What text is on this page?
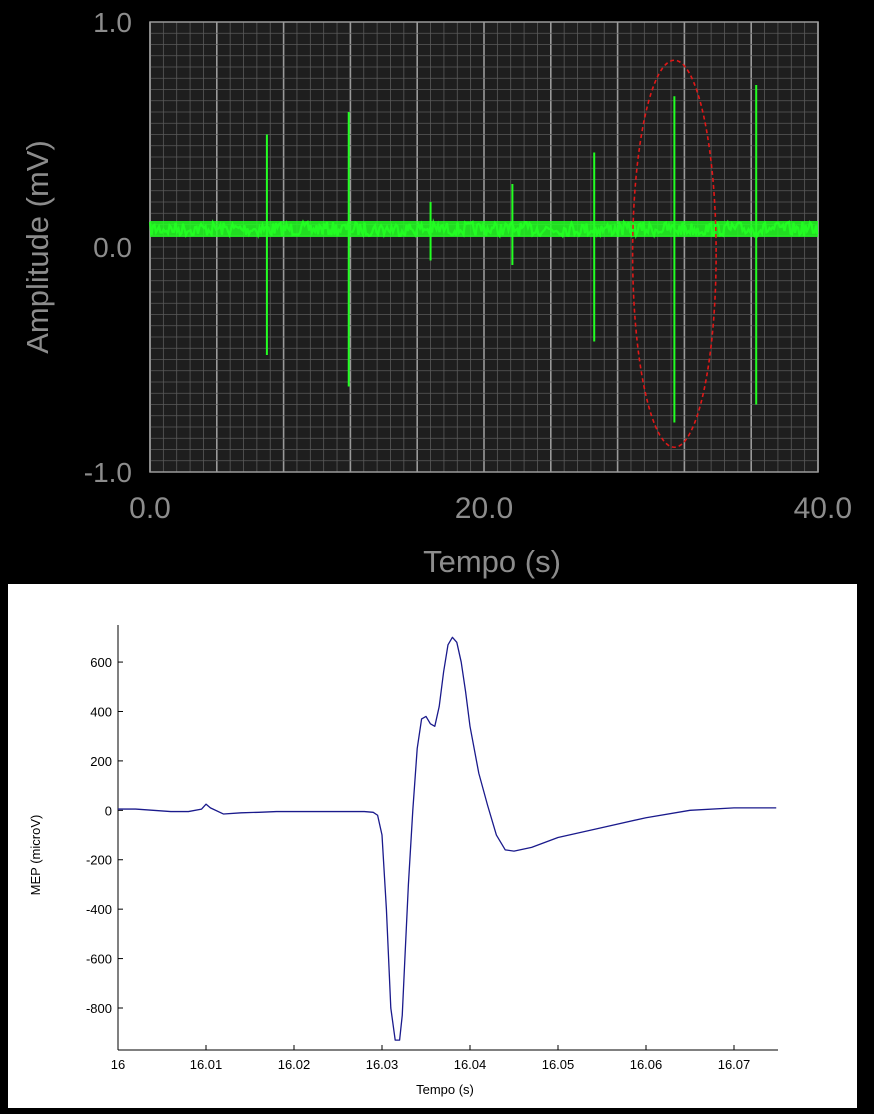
1.0
0.0
-1.0
0.0	20.0	40.0
Tempo (s)
Amplitude (mV)
600
400
200
0
-200
-400
-600
-800
16	16.01	16.02	16.03	16.04	16.05	16.06	16.07
Tempo (s)
MEP (microV)
